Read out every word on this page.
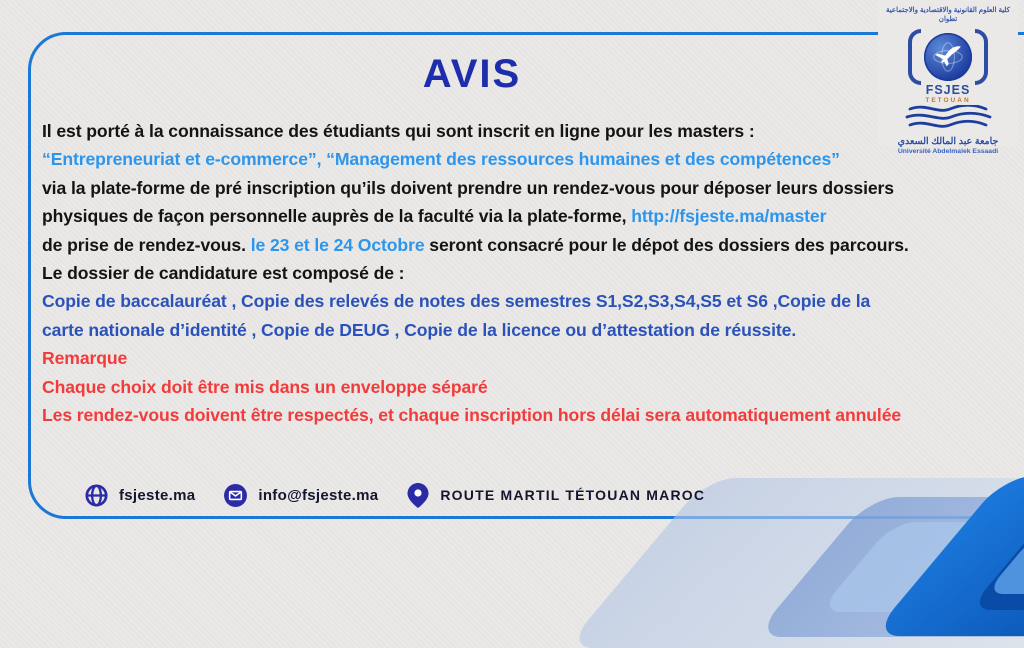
AVIS
Il est porté à la connaissance des étudiants qui sont inscrit en ligne pour les masters :
“Entrepreneuriat et e-commerce”, “Management des ressources humaines et des compétences”
via la plate-forme de pré inscription qu’ils doivent prendre un rendez-vous pour déposer leurs dossiers
physiques de façon personnelle auprès de la faculté via la plate-forme, http://fsjeste.ma/master
de prise de rendez-vous. le 23 et le 24 Octobre seront consacré pour le dépot des dossiers des parcours.
Le dossier de candidature est composé de :
Copie de baccalauréat , Copie des relevés de notes des semestres S1,S2,S3,S4,S5 et S6 ,Copie de la
carte nationale d’identité , Copie de DEUG , Copie de la licence ou d’attestation de réussite.
Remarque
Chaque choix doit être mis dans un enveloppe séparé
Les rendez-vous doivent être respectés, et chaque inscription hors délai sera automatiquement annulée
كلية العلوم القانونية والاقتصادية والاجتماعية
تطوان
FSJES
TETOUAN
جامعة عبد المالك السعدي
Université Abdelmalek Essaadi
fsjeste.ma	info@fsjeste.ma	ROUTE MARTIL TÉTOUAN MAROC
